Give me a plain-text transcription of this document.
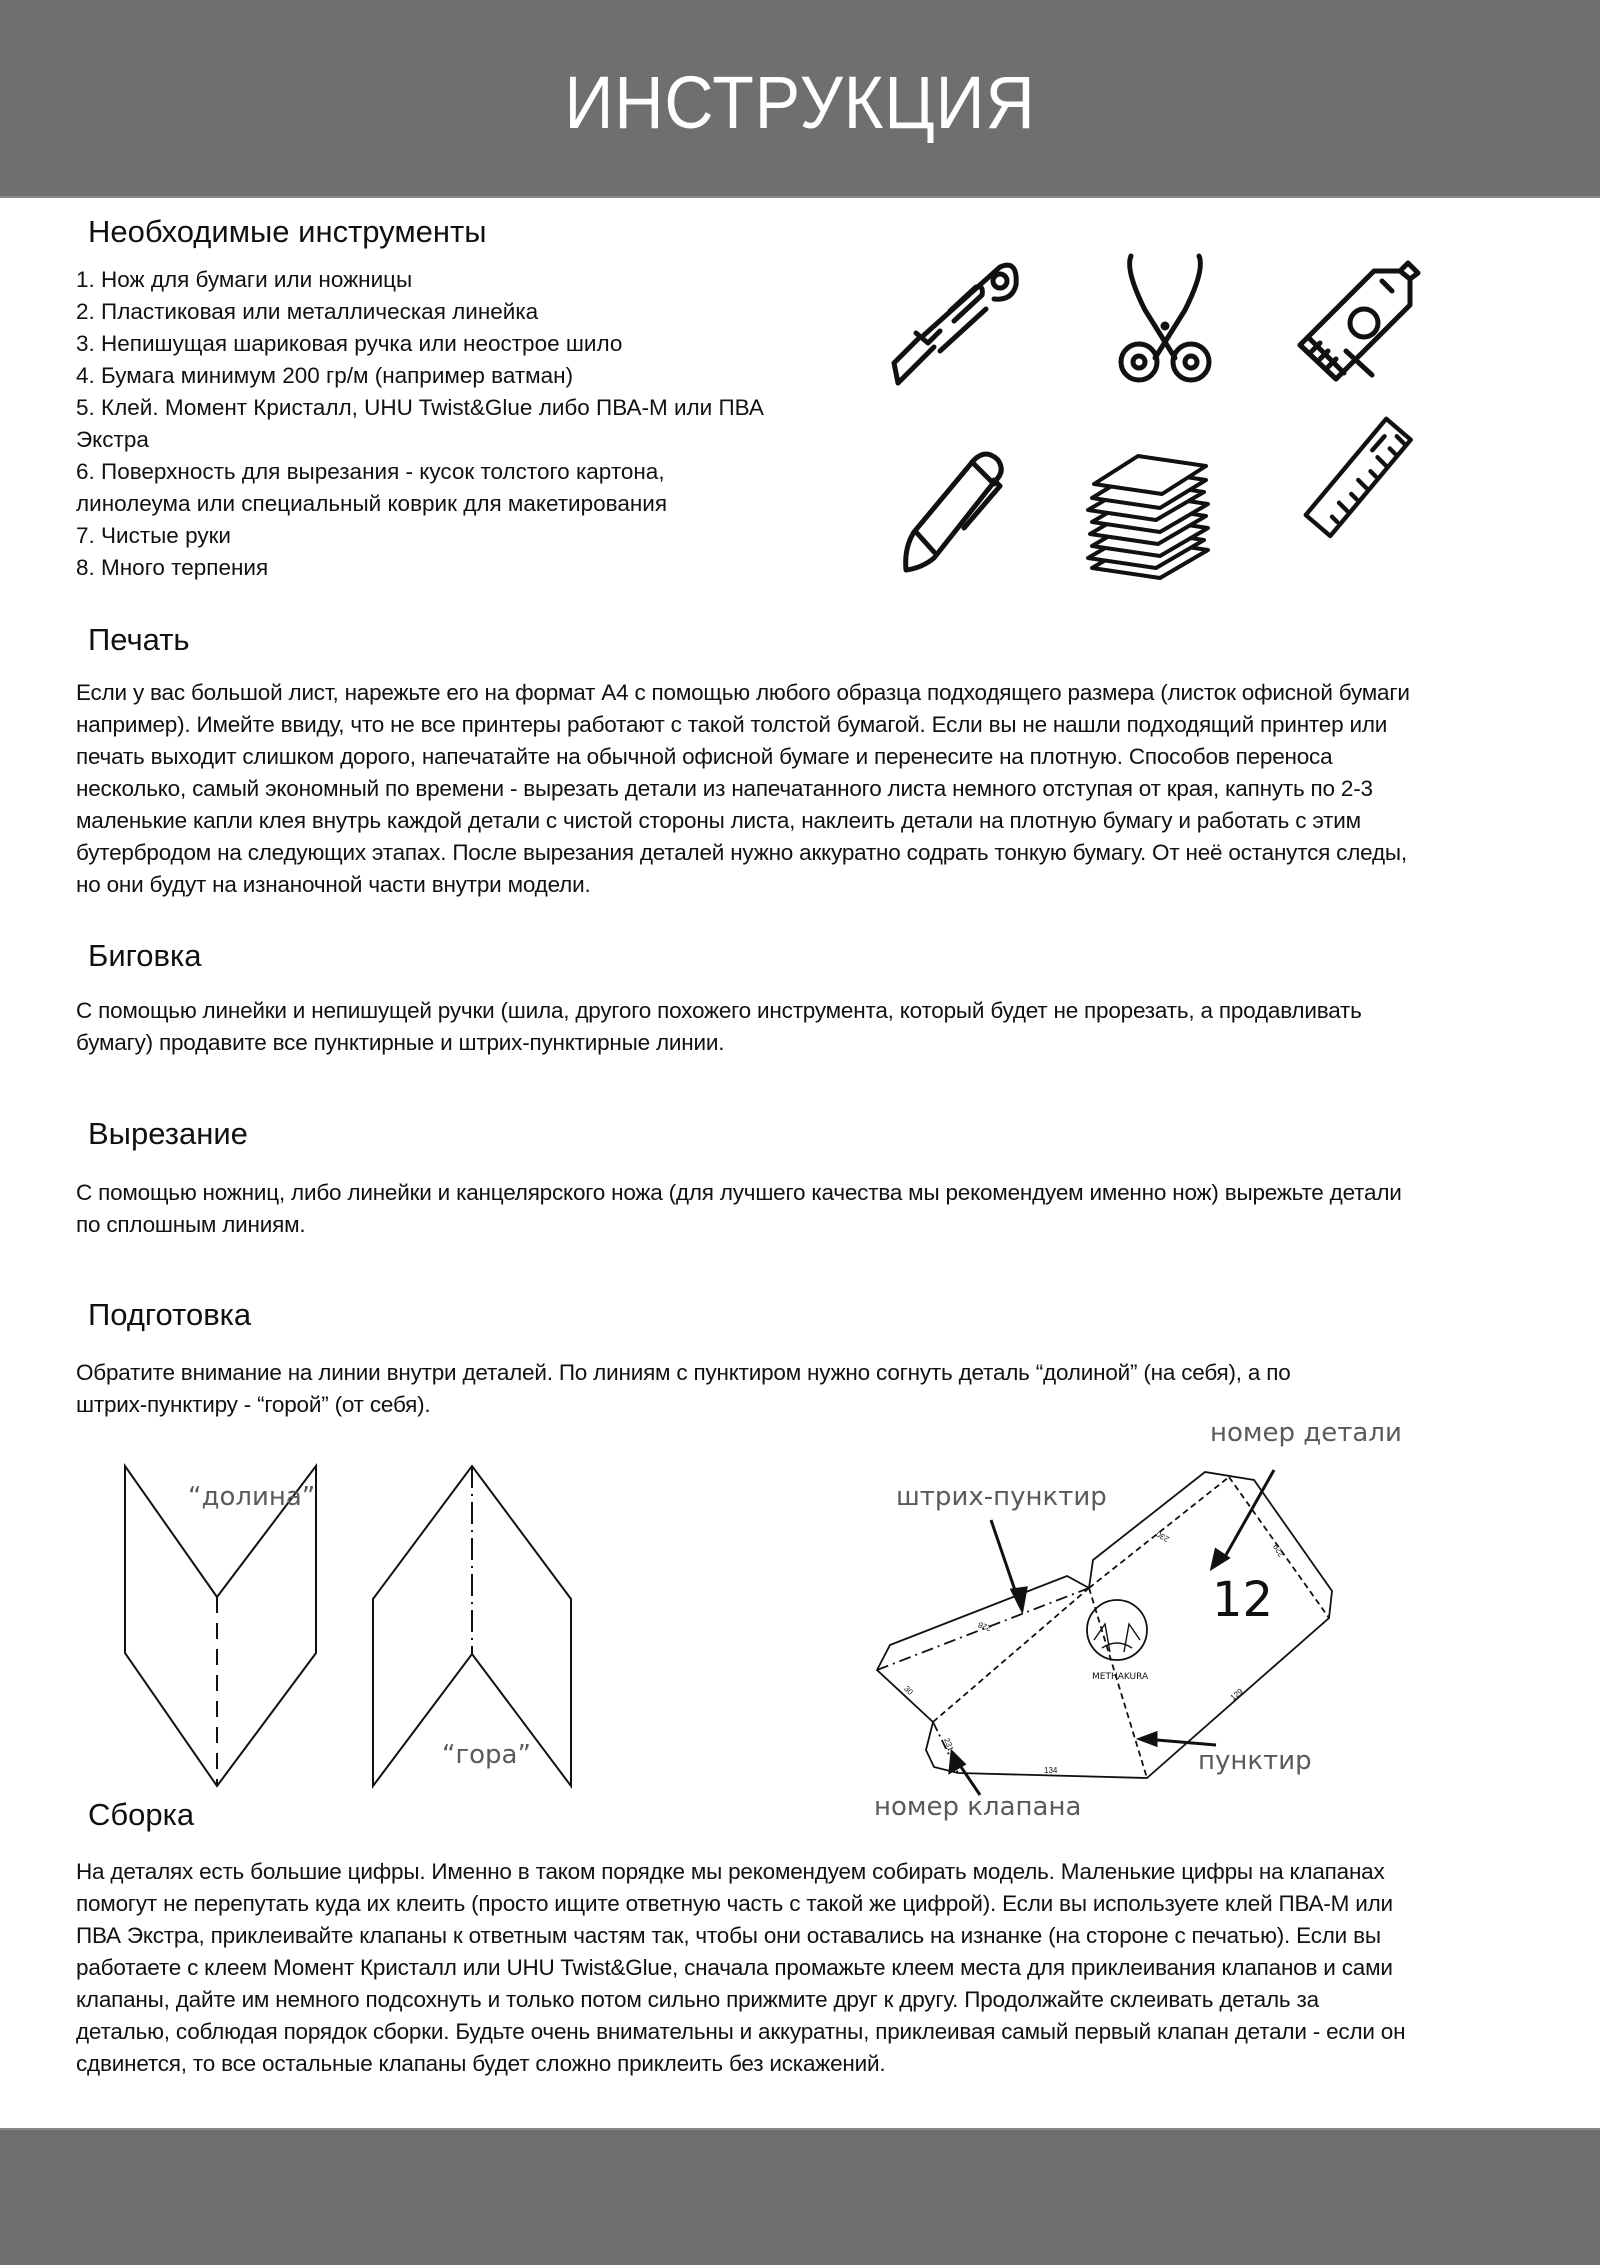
ИНСТРУКЦИЯ
Необходимые инструменты
1. Нож для бумаги или ножницы
2. Пластиковая или металлическая линейка
3. Непишущая шариковая ручка или неострое шило
4. Бумага минимум 200 гр/м (например ватман)
5. Клей. Момент Кристалл, UHU Twist&Glue либо ПВА-М или ПВА
Экстра
6. Поверхность для вырезания - кусок толстого картона,
линолеума или специальный коврик для макетирования
7. Чистые руки
8. Много терпения
Печать
Если у вас большой лист, нарежьте его на формат А4 с помощью любого образца подходящего размера (листок офисной бумаги
например). Имейте ввиду, что не все принтеры работают с такой толстой бумагой. Если вы не нашли подходящий принтер или
печать выходит слишком дорого, напечатайте на обычной офисной бумаге и перенесите на плотную. Способов переноса
несколько, самый экономный по времени - вырезать детали из напечатанного листа немного отступая от края, капнуть по 2-3
маленькие капли клея внутрь каждой детали с чистой стороны листа, наклеить детали на плотную бумагу и работать с этим
бутербродом на следующих этапах. После вырезания деталей нужно аккуратно содрать тонкую бумагу. От неё останутся следы,
но они будут на изнаночной части внутри модели.
Биговка
С помощью линейки и непишущей ручки (шила, другого похожего инструмента, который будет не прорезать, а продавливать
бумагу) продавите все пунктирные и штрих-пунктирные линии.
Вырезание
С помощью ножниц, либо линейки и канцелярского ножа (для лучшего качества мы рекомендуем именно нож) вырежьте детали
по сплошным линиям.
Подготовка
Обратите внимание на линии внутри деталей. По линиям с пунктиром нужно согнуть деталь “долиной” (на себя), а по
штрих-пунктиру - “горой” (от себя).
“долина”
“гора”
номер детали
штрих-пунктир
пунктир
номер клапана
12
METHAKURA
228
230
229
30
231
134
129
Сборка
На деталях есть большие цифры. Именно в таком порядке мы рекомендуем собирать модель. Маленькие цифры на клапанах
помогут не перепутать куда их клеить (просто ищите ответную часть с такой же цифрой). Если вы используете клей ПВА-М или
ПВА Экстра, приклеивайте клапаны к ответным частям так, чтобы они оставались на изнанке (на стороне с печатью). Если вы
работаете с клеем Момент Кристалл или UHU Twist&Glue, сначала промажьте клеем места для приклеивания клапанов и сами
клапаны, дайте им немного подсохнуть и только потом сильно прижмите друг к другу. Продолжайте склеивать деталь за
деталью, соблюдая порядок сборки. Будьте очень внимательны и аккуратны, приклеивая самый первый клапан детали - если он
сдвинется, то все остальные клапаны будет сложно приклеить без искажений.
